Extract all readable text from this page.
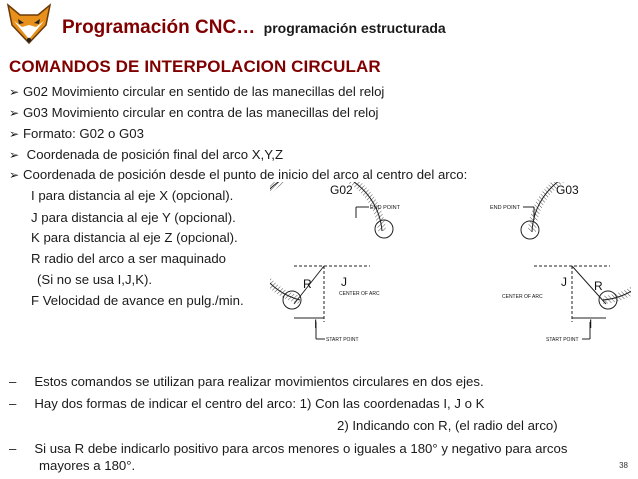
Programación CNC… programación estructurada
COMANDOS DE INTERPOLACION CIRCULAR
➢ G02 Movimiento circular en sentido de las manecillas del reloj
➢ G03 Movimiento circular en contra de las manecillas del reloj
➢ Formato: G02 o G03
➢ Coordenada de posición final del arco X,Y,Z
➢ Coordenada de posición desde el punto de inicio del arco al centro del arco:
I para distancia al eje X (opcional).
J para distancia al eje Y (opcional).
K para distancia al eje Z (opcional).
R radio del arco a ser maquinado
(Si no se usa I,J,K).
F Velocidad de avance en pulg./min.
G02
END POINT
CENTER OF ARC
START POINT
R J
I
G03
END POINT
CENTER OF ARC
START POINT
R
J
I
– Estos comandos se utilizan para realizar movimientos circulares en dos ejes.
– Hay dos formas de indicar el centro del arco: 1) Con las coordenadas I, J o K
2) Indicando con R, (el radio del arco)
– Si usa R debe indicarlo positivo para arcos menores o iguales a 180° y negativo para arcos
mayores a 180°.	38
